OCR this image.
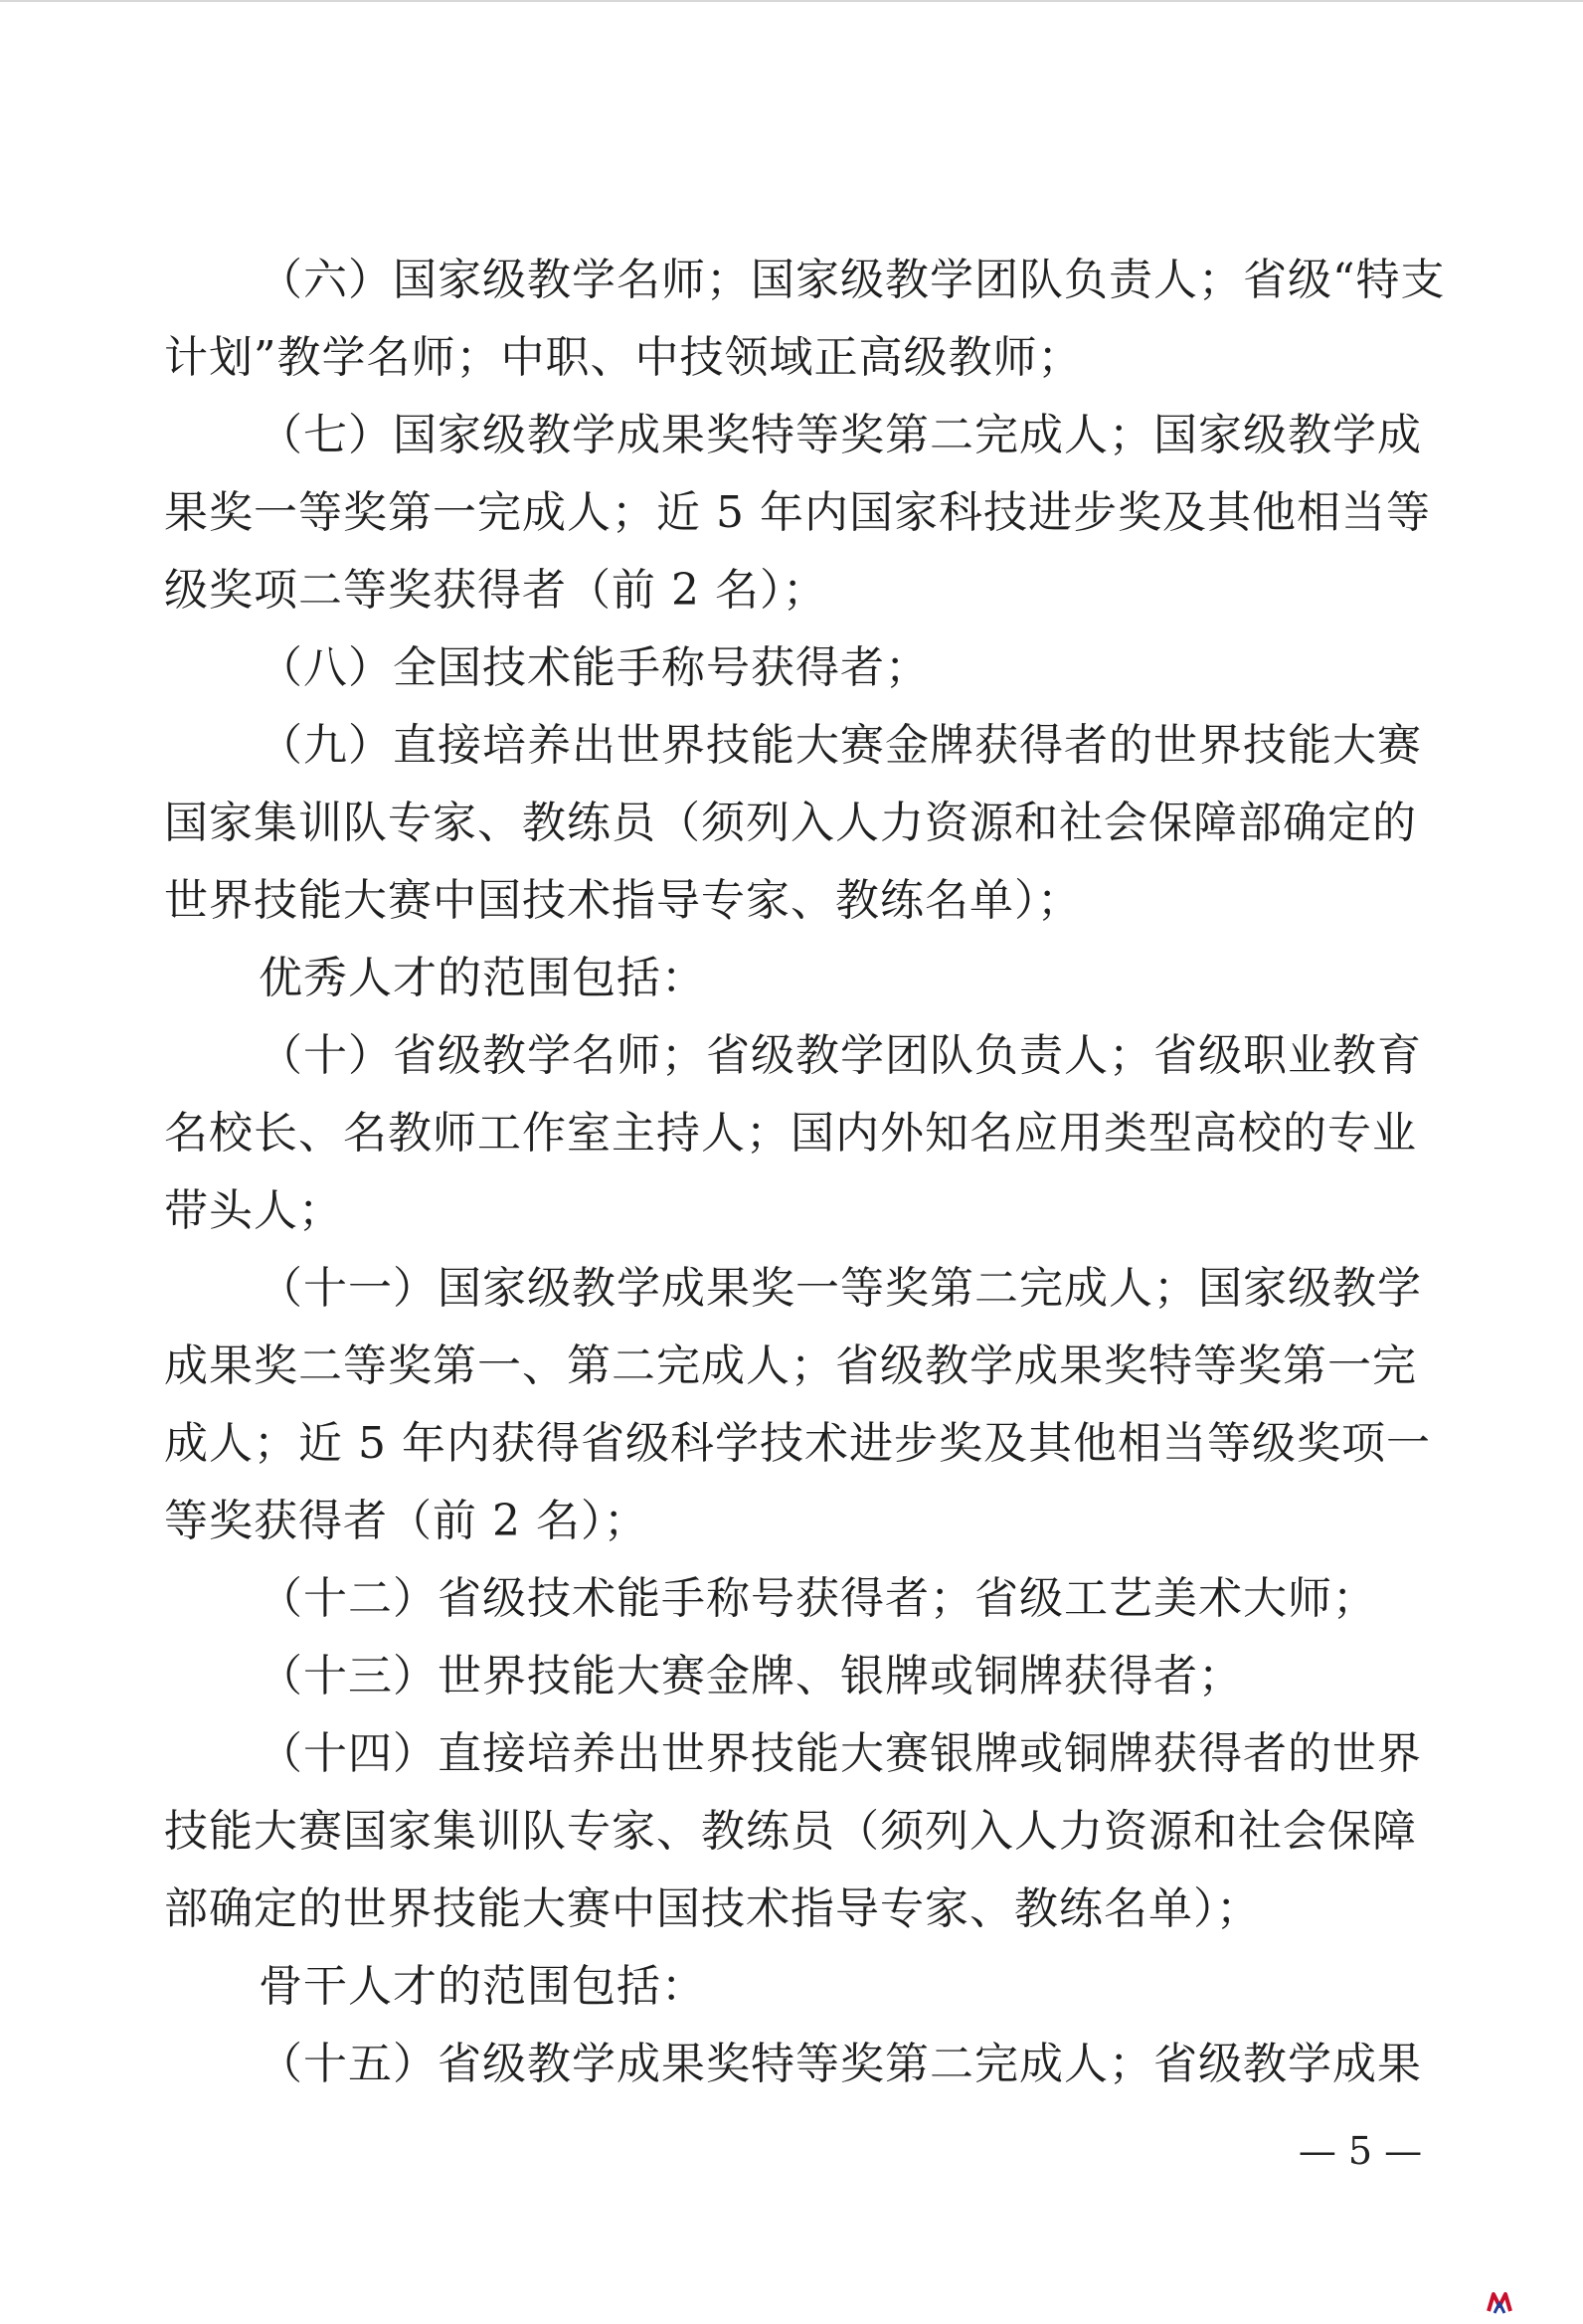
（六）国家级教学名师；国家级教学团队负责人；省级“特支
计划”教学名师；中职、中技领域正高级教师；
（七）国家级教学成果奖特等奖第二完成人；国家级教学成
果奖一等奖第一完成人；近 5 年内国家科技进步奖及其他相当等
级奖项二等奖获得者（前 2 名）；
（八）全国技术能手称号获得者；
（九）直接培养出世界技能大赛金牌获得者的世界技能大赛
国家集训队专家、教练员（须列入人力资源和社会保障部确定的
世界技能大赛中国技术指导专家、教练名单）；
优秀人才的范围包括：
（十）省级教学名师；省级教学团队负责人；省级职业教育
名校长、名教师工作室主持人；国内外知名应用类型高校的专业
带头人；
（十一）国家级教学成果奖一等奖第二完成人；国家级教学
成果奖二等奖第一、第二完成人；省级教学成果奖特等奖第一完
成人；近 5 年内获得省级科学技术进步奖及其他相当等级奖项一
等奖获得者（前 2 名）；
（十二）省级技术能手称号获得者；省级工艺美术大师；
（十三）世界技能大赛金牌、银牌或铜牌获得者；
（十四）直接培养出世界技能大赛银牌或铜牌获得者的世界
技能大赛国家集训队专家、教练员（须列入人力资源和社会保障
部确定的世界技能大赛中国技术指导专家、教练名单）；
骨干人才的范围包括：
（十五）省级教学成果奖特等奖第二完成人；省级教学成果
— 5 —
